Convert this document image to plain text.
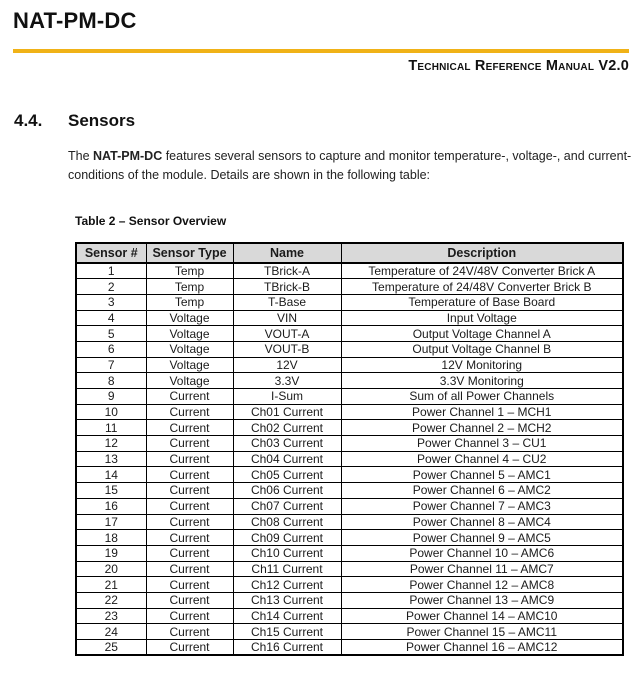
NAT-PM-DC
Technical Reference Manual V2.0
4.4.	Sensors

The NAT-PM-DC features several sensors to capture and monitor temperature-, voltage-, and current-conditions of the module. Details are shown in the following table:

Table 2 – Sensor Overview
Sensor #	Sensor Type	Name	Description
1	Temp	TBrick-A	Temperature of 24V/48V Converter Brick A
2	Temp	TBrick-B	Temperature of 24/48V Converter Brick B
3	Temp	T-Base	Temperature of Base Board
4	Voltage	VIN	Input Voltage
5	Voltage	VOUT-A	Output Voltage Channel A
6	Voltage	VOUT-B	Output Voltage Channel B
7	Voltage	12V	12V Monitoring
8	Voltage	3.3V	3.3V Monitoring
9	Current	I-Sum	Sum of all Power Channels
10	Current	Ch01 Current	Power Channel 1 – MCH1
11	Current	Ch02 Current	Power Channel 2 – MCH2
12	Current	Ch03 Current	Power Channel 3 – CU1
13	Current	Ch04 Current	Power Channel 4 – CU2
14	Current	Ch05 Current	Power Channel 5 – AMC1
15	Current	Ch06 Current	Power Channel 6 – AMC2
16	Current	Ch07 Current	Power Channel 7 – AMC3
17	Current	Ch08 Current	Power Channel 8 – AMC4
18	Current	Ch09 Current	Power Channel 9 – AMC5
19	Current	Ch10 Current	Power Channel 10 – AMC6
20	Current	Ch11 Current	Power Channel 11 – AMC7
21	Current	Ch12 Current	Power Channel 12 – AMC8
22	Current	Ch13 Current	Power Channel 13 – AMC9
23	Current	Ch14 Current	Power Channel 14 – AMC10
24	Current	Ch15 Current	Power Channel 15 – AMC11
25	Current	Ch16 Current	Power Channel 16 – AMC12
